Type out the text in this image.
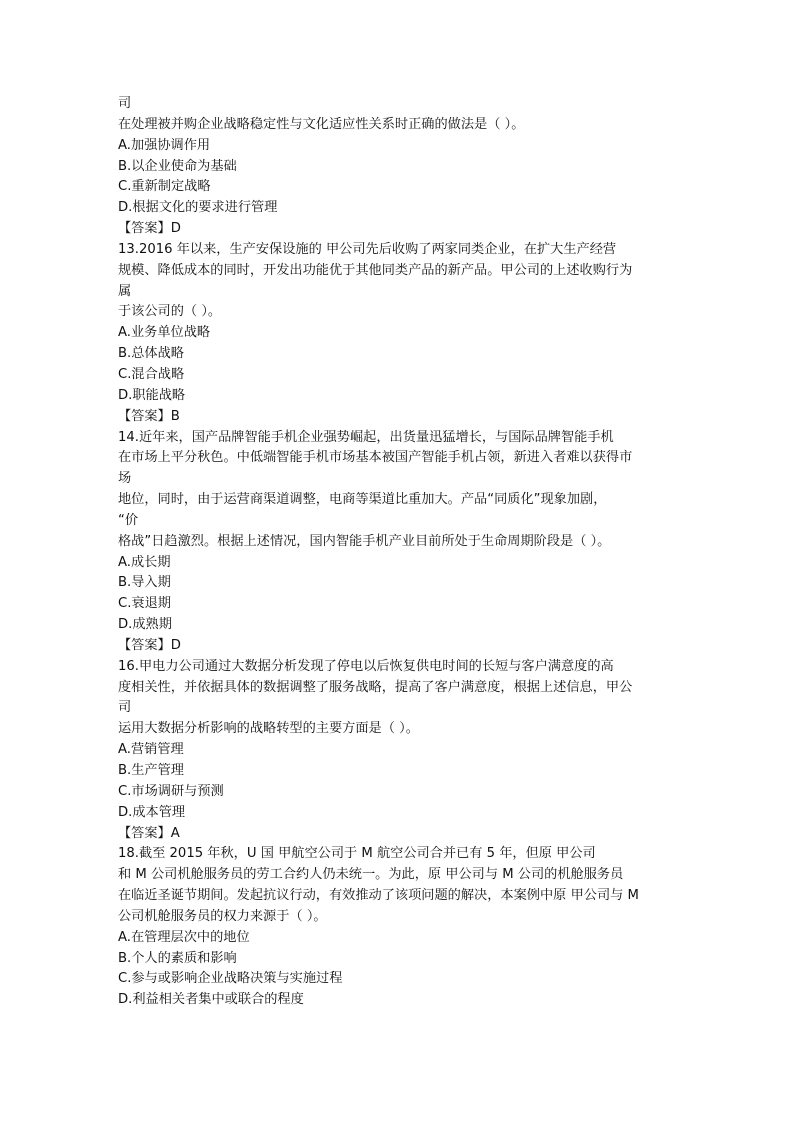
司
在处理被并购企业战略稳定性与文化适应性关系时正确的做法是（ ）。
A.加强协调作用
B.以企业使命为基础
C.重新制定战略
D.根据文化的要求进行管理
【答案】D
13.2016 年以来，生产安保设施的 甲公司先后收购了两家同类企业，在扩大生产经营
规模、降低成本的同时，开发出功能优于其他同类产品的新产品。甲公司的上述收购行为
属
于该公司的（ ）。
A.业务单位战略
B.总体战略
C.混合战略
D.职能战略
【答案】B
14.近年来，国产品牌智能手机企业强势崛起，出货量迅猛增长，与国际品牌智能手机
在市场上平分秋色。中低端智能手机市场基本被国产智能手机占领，新进入者难以获得市
场
地位，同时，由于运营商渠道调整，电商等渠道比重加大。产品“同质化”现象加剧，
“价
格战”日趋激烈。根据上述情况，国内智能手机产业目前所处于生命周期阶段是（ ）。
A.成长期
B.导入期
C.衰退期
D.成熟期
【答案】D
16.甲电力公司通过大数据分析发现了停电以后恢复供电时间的长短与客户满意度的高
度相关性，并依据具体的数据调整了服务战略，提高了客户满意度，根据上述信息，甲公
司
运用大数据分析影响的战略转型的主要方面是（ ）。
A.营销管理
B.生产管理
C.市场调研与预测
D.成本管理
【答案】A
18.截至 2015 年秋，U 国 甲航空公司于 M 航空公司合并已有 5 年，但原 甲公司
和 M 公司机舱服务员的劳工合约人仍未统一。为此，原 甲公司与 M 公司的机舱服务员
在临近圣诞节期间。发起抗议行动，有效推动了该项问题的解决，本案例中原 甲公司与 M
公司机舱服务员的权力来源于（ ）。
A.在管理层次中的地位
B.个人的素质和影响
C.参与或影响企业战略决策与实施过程
D.利益相关者集中或联合的程度
